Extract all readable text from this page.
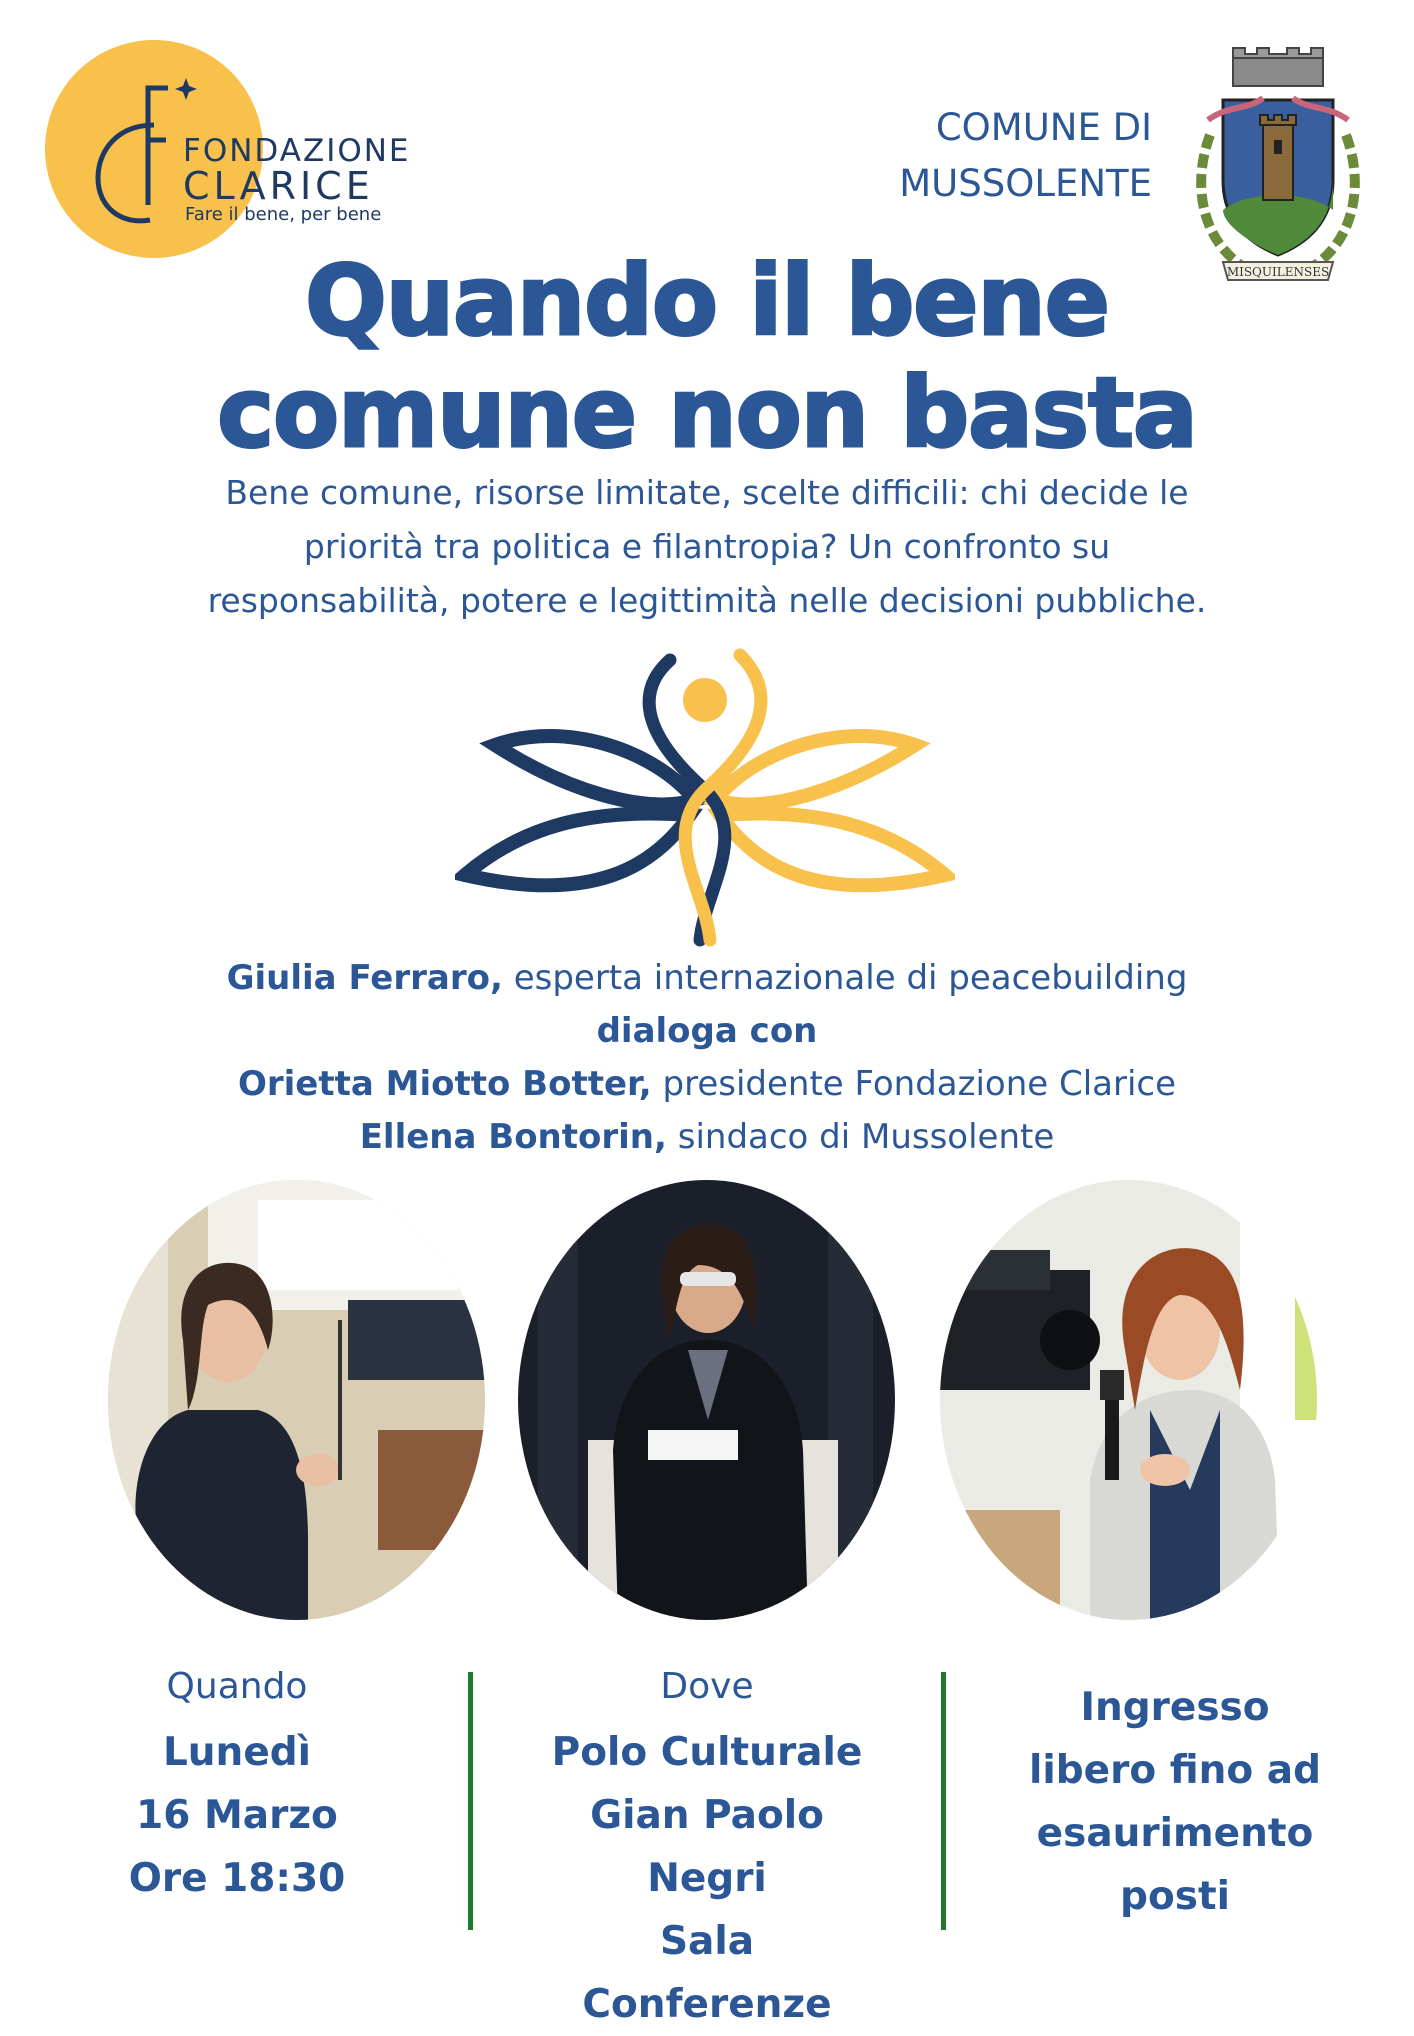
FONDAZIONE
CLARICE
Fare il bene, per bene
COMUNE DI
MUSSOLENTE
MISQUILENSES
Quando il bene
comune non basta
Bene comune, risorse limitate, scelte difficili: chi decide le
priorità tra politica e filantropia? Un confronto su
responsabilità, potere e legittimità nelle decisioni pubbliche.
Giulia Ferraro, esperta internazionale di peacebuilding
dialoga con
Orietta Miotto Botter, presidente Fondazione Clarice
Ellena Bontorin, sindaco di Mussolente
Quando
Lunedì
16 Marzo
Ore 18:30
Dove
Polo Culturale
Gian Paolo Negri
Sala Conferenze
Ingresso
libero fino ad
esaurimento
posti
